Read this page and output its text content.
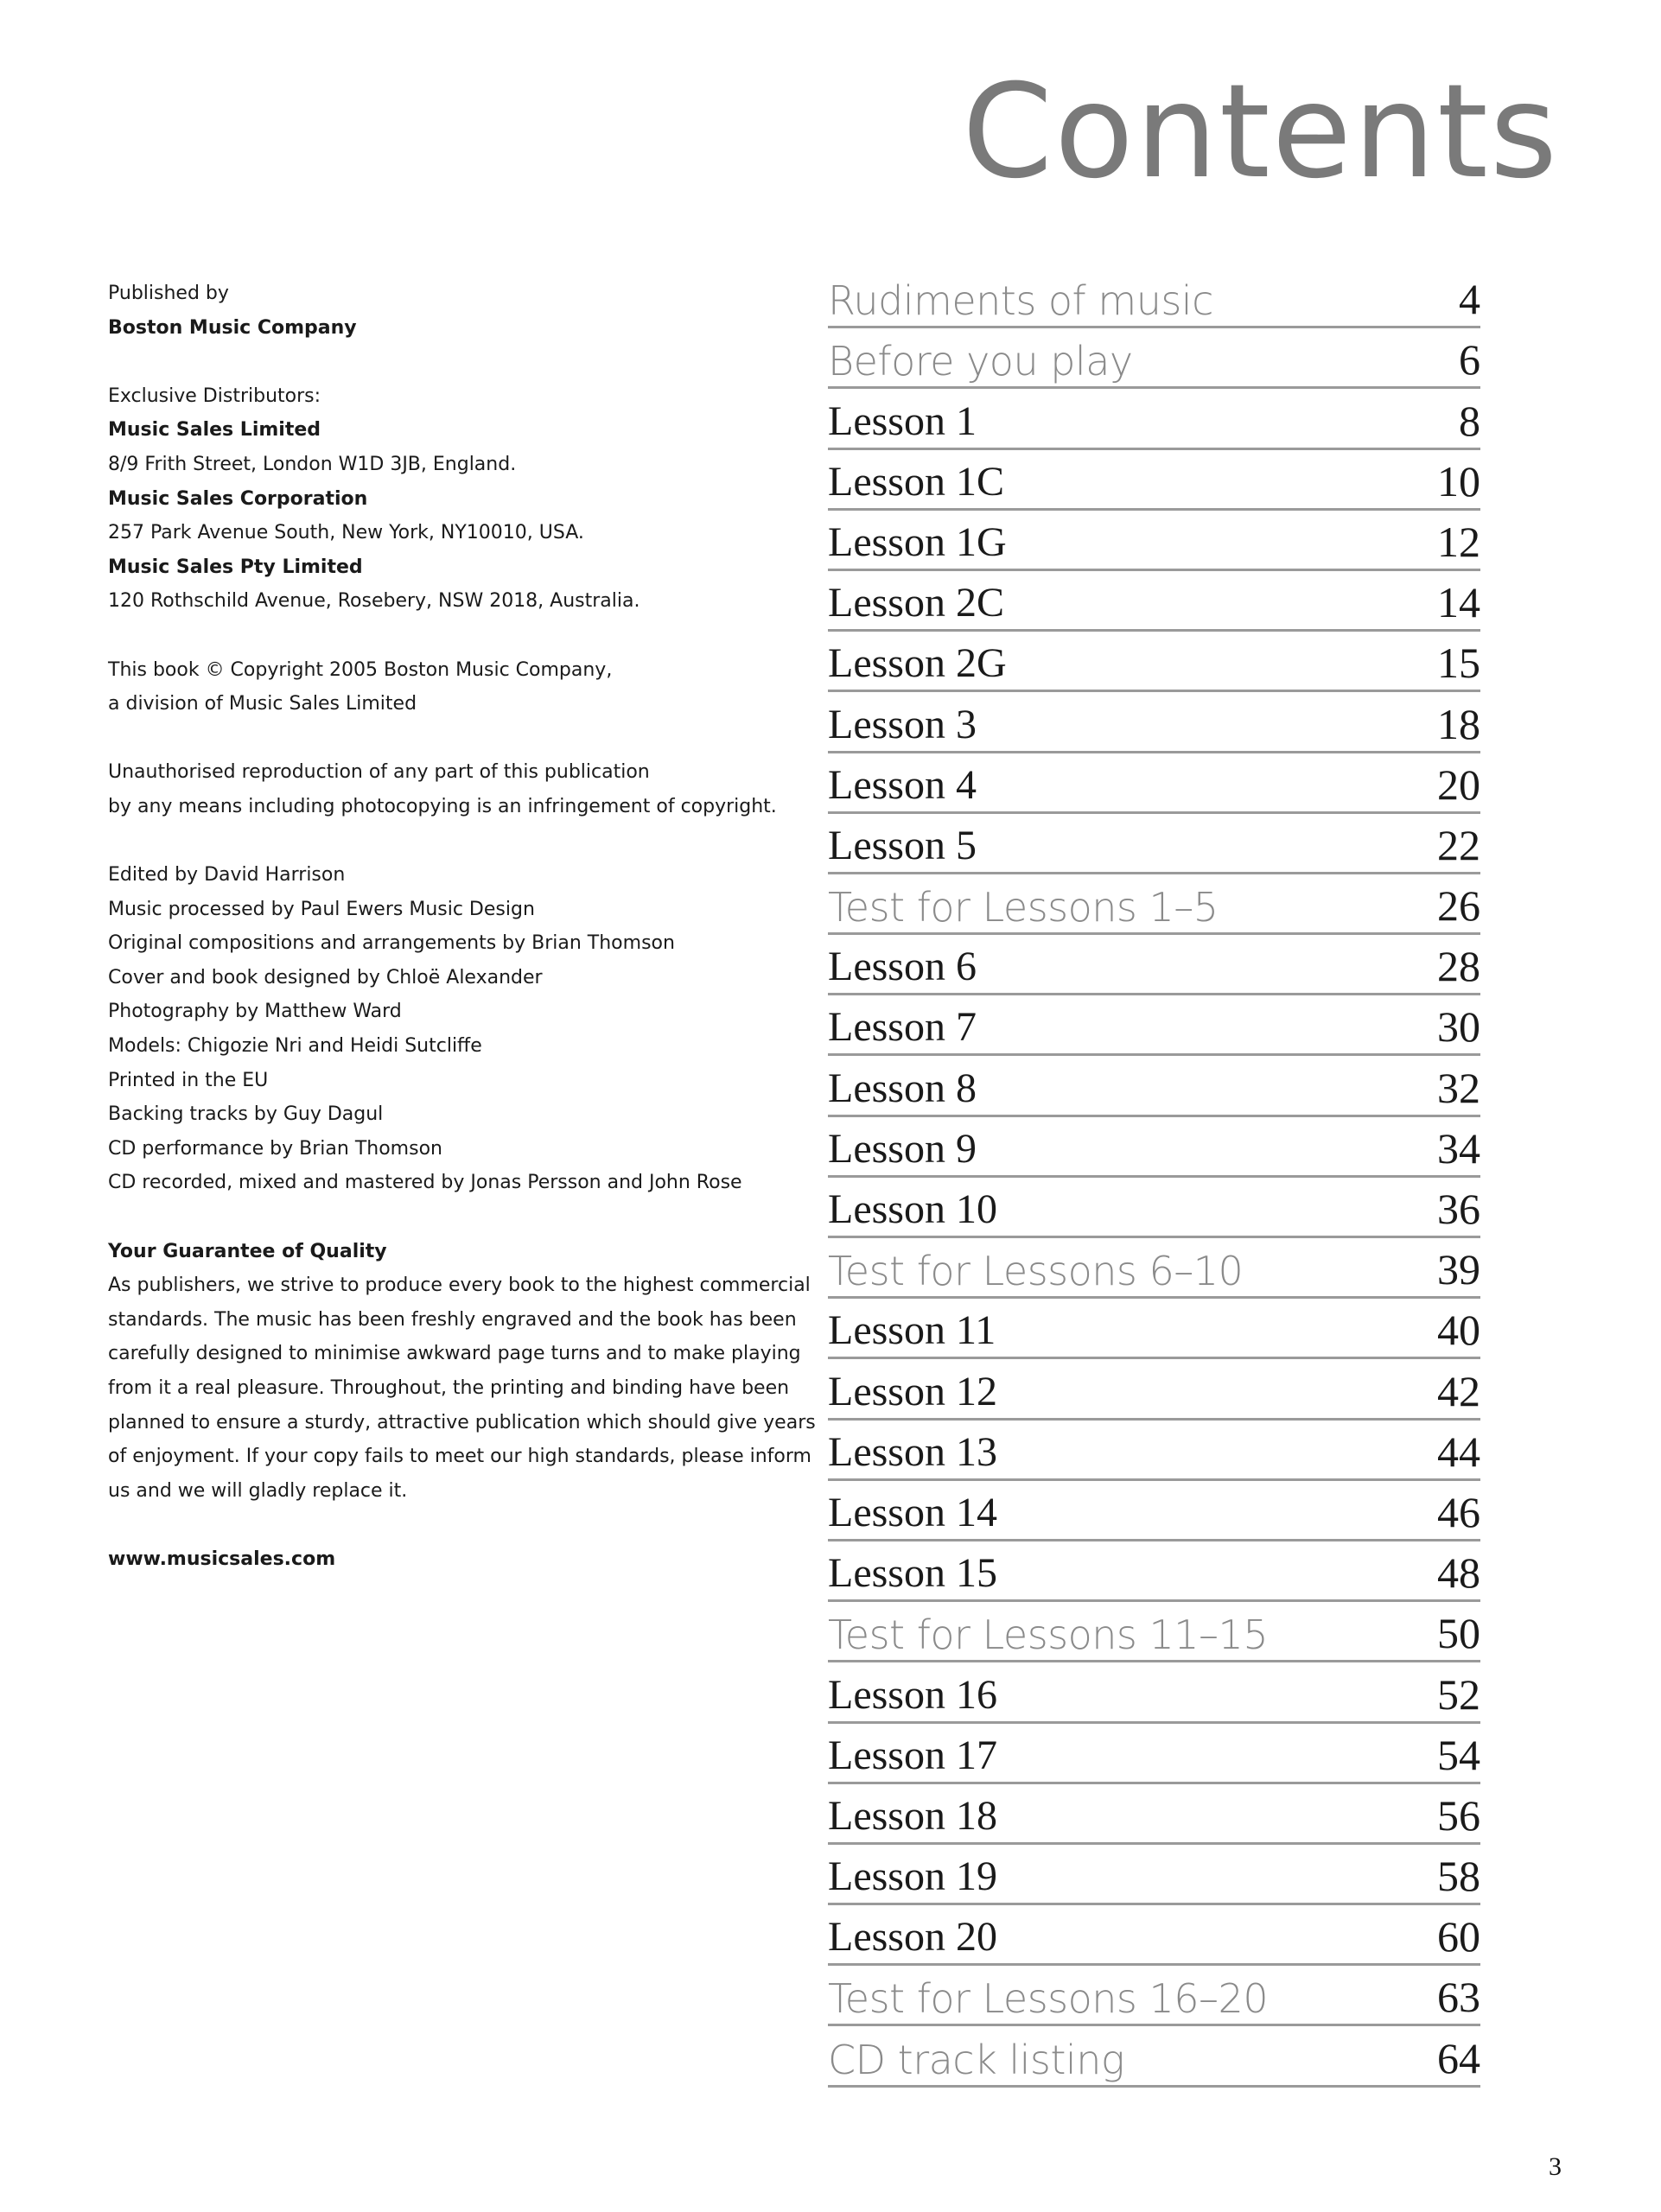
Contents
Published by
Boston Music Company
Exclusive Distributors:
Music Sales Limited
8/9 Frith Street, London W1D 3JB, England.
Music Sales Corporation
257 Park Avenue South, New York, NY10010, USA.
Music Sales Pty Limited
120 Rothschild Avenue, Rosebery, NSW 2018, Australia.
This book © Copyright 2005 Boston Music Company,
a division of Music Sales Limited
Unauthorised reproduction of any part of this publication
by any means including photocopying is an infringement of copyright.
Edited by David Harrison
Music processed by Paul Ewers Music Design
Original compositions and arrangements by Brian Thomson
Cover and book designed by Chloë Alexander
Photography by Matthew Ward
Models: Chigozie Nri and Heidi Sutcliffe
Printed in the EU
Backing tracks by Guy Dagul
CD performance by Brian Thomson
CD recorded, mixed and mastered by Jonas Persson and John Rose
Your Guarantee of Quality
As publishers, we strive to produce every book to the highest commercial
standards. The music has been freshly engraved and the book has been
carefully designed to minimise awkward page turns and to make playing
from it a real pleasure. Throughout, the printing and binding have been
planned to ensure a sturdy, attractive publication which should give years
of enjoyment. If your copy fails to meet our high standards, please inform
us and we will gladly replace it.
www.musicsales.com
Rudiments of music	4
Before you play	6
Lesson 1	8
Lesson 1C	10
Lesson 1G	12
Lesson 2C	14
Lesson 2G	15
Lesson 3	18
Lesson 4	20
Lesson 5	22
Test for Lessons 1–5	26
Lesson 6	28
Lesson 7	30
Lesson 8	32
Lesson 9	34
Lesson 10	36
Test for Lessons 6–10	39
Lesson 11	40
Lesson 12	42
Lesson 13	44
Lesson 14	46
Lesson 15	48
Test for Lessons 11–15	50
Lesson 16	52
Lesson 17	54
Lesson 18	56
Lesson 19	58
Lesson 20	60
Test for Lessons 16–20	63
CD track listing	64
3
